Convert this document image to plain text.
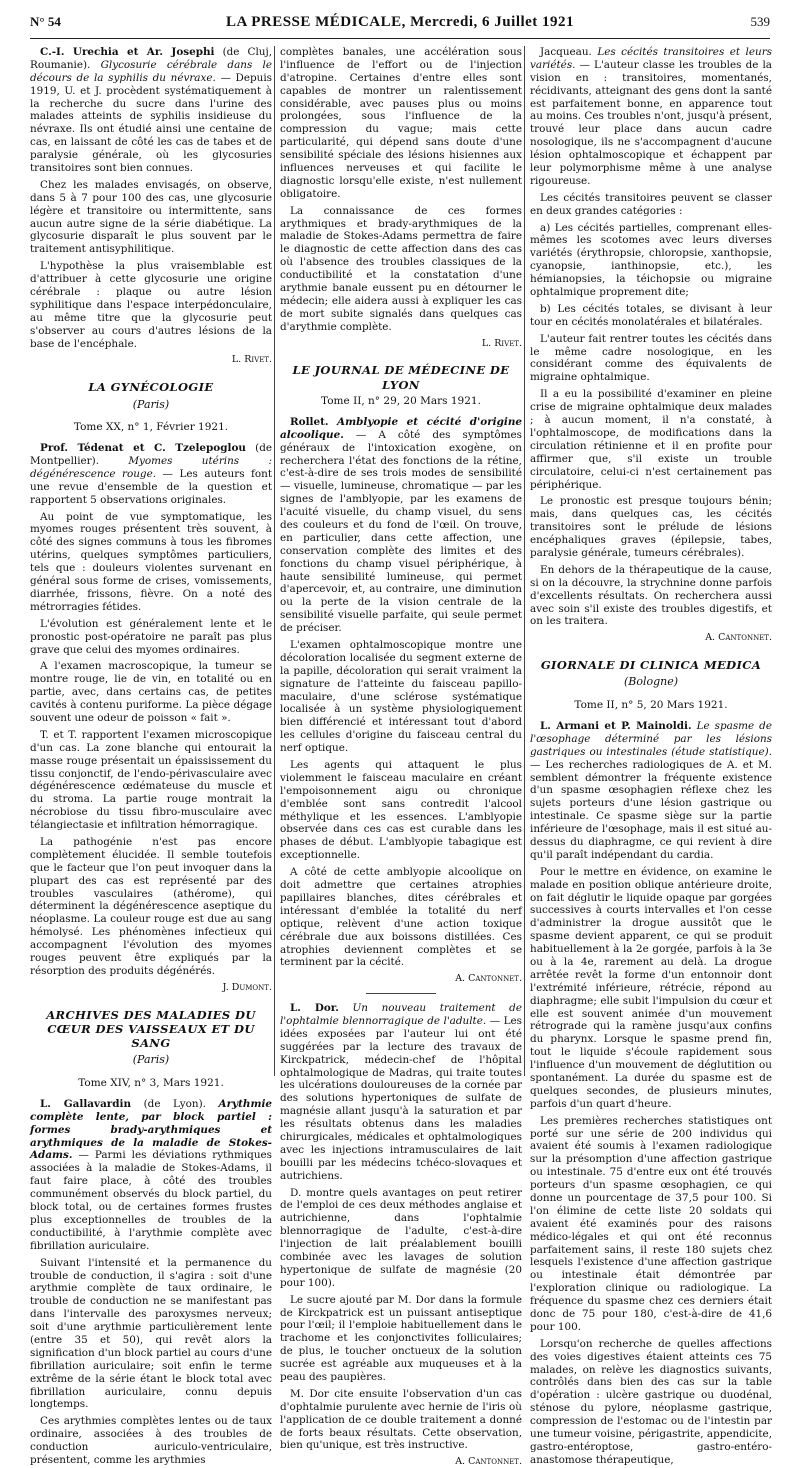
N° 54	LA PRESSE MÉDICALE, Mercredi, 6 Juillet 1921	539

C.-I. Urechia et Ar. Josephi (de Cluj, Roumanie). Glycosurie cérébrale dans le décours de la syphilis du névraxe. — Depuis 1919, U. et J. procèdent systématiquement à la recherche du sucre dans l'urine des malades atteints de syphilis insidieuse du névraxe. Ils ont étudié ainsi une centaine de cas, en laissant de côté les cas de tabes et de paralysie générale, où les glycosuries transitoires sont bien connues.

Chez les malades envisagés, on observe, dans 5 à 7 pour 100 des cas, une glycosurie légère et transitoire ou intermittente, sans aucun autre signe de la série diabétique. La glycosurie disparaît le plus souvent par le traitement antisyphilitique.

L'hypothèse la plus vraisemblable est d'attribuer à cette glycosurie une origine cérébrale : plaque ou autre lésion syphilitique dans l'espace interpédonculaire, au même titre que la glycosurie peut s'observer au cours d'autres lésions de la base de l'encéphale.

L. Rivet.
LA GYNÉCOLOGIE
(Paris)
Tome XX, n° 1, Février 1921.

Prof. Tédenat et C. Tzelepoglou (de Montpellier). Myomes utérins : dégénérescence rouge. — Les auteurs font une revue d'ensemble de la question et rapportent 5 observations originales.

Au point de vue symptomatique, les myomes rouges présentent très souvent, à côté des signes communs à tous les fibromes utérins, quelques symptômes particuliers, tels que : douleurs violentes survenant en général sous forme de crises, vomissements, diarrhée, frissons, fièvre. On a noté des métrorragies fétides.

L'évolution est généralement lente et le pronostic post-opératoire ne paraît pas plus grave que celui des myomes ordinaires.

A l'examen macroscopique, la tumeur se montre rouge, lie de vin, en totalité ou en partie, avec, dans certains cas, de petites cavités à contenu puriforme. La pièce dégage souvent une odeur de poisson « fait ».

T. et T. rapportent l'examen microscopique d'un cas. La zone blanche qui entourait la masse rouge présentait un épaississement du tissu conjonctif, de l'endo-périvasculaire avec dégénérescence œdémateuse du muscle et du stroma. La partie rouge montrait la nécrobiose du tissu fibro-musculaire avec télangiectasie et infiltration hémorragique.

La pathogénie n'est pas encore complètement élucidée. Il semble toutefois que le facteur que l'on peut invoquer dans la plupart des cas est représenté par des troubles vasculaires (athérome), qui déterminent la dégénérescence aseptique du néoplasme. La couleur rouge est due au sang hémolysé. Les phénomènes infectieux qui accompagnent l'évolution des myomes rouges peuvent être expliqués par la résorption des produits dégénérés.

J. Dumont.
ARCHIVES DES MALADIES DU CŒUR DES VAISSEAUX ET DU SANG
(Paris)
Tome XIV, n° 3, Mars 1921.

L. Gallavardin (de Lyon). Arythmie complète lente, par block partiel : formes brady-arythmiques et arythmiques de la maladie de Stokes-Adams. — Parmi les déviations rythmiques associées à la maladie de Stokes-Adams, il faut faire place, à côté des troubles communément observés du block partiel, du block total, ou de certaines formes frustes plus exceptionnelles de troubles de la conductibilité, à l'arythmie complète avec fibrillation auriculaire.

Suivant l'intensité et la permanence du trouble de conduction, il s'agira : soit d'une arythmie complète de taux ordinaire, le trouble de conduction ne se manifestant pas dans l'intervalle des paroxysmes nerveux; soit d'une arythmie particulièrement lente (entre 35 et 50), qui revêt alors la signification d'un block partiel au cours d'une fibrillation auriculaire; soit enfin le terme extrême de la série étant le block total avec fibrillation auriculaire, connu depuis longtemps.

Ces arythmies complètes lentes ou de taux ordinaire, associées à des troubles de conduction auriculo-ventriculaire, présentent, comme les arythmies

complètes banales, une accélération sous l'influence de l'effort ou de l'injection d'atropine. Certaines d'entre elles sont capables de montrer un ralentissement considérable, avec pauses plus ou moins prolongées, sous l'influence de la compression du vague; mais cette particularité, qui dépend sans doute d'une sensibilité spéciale des lésions hisiennes aux influences nerveuses et qui facilite le diagnostic lorsqu'elle existe, n'est nullement obligatoire.

La connaissance de ces formes arythmiques et brady-arythmiques de la maladie de Stokes-Adams permettra de faire le diagnostic de cette affection dans des cas où l'absence des troubles classiques de la conductibilité et la constatation d'une arythmie banale eussent pu en détourner le médecin; elle aidera aussi à expliquer les cas de mort subite signalés dans quelques cas d'arythmie complète.

L. Rivet.
LE JOURNAL DE MÉDECINE DE LYON
Tome II, n° 29, 20 Mars 1921.

Rollet. Amblyopie et cécité d'origine alcoolique. — A côté des symptômes généraux de l'intoxication exogène, on recherchera l'état des fonctions de la rétine, c'est-à-dire de ses trois modes de sensibilité — visuelle, lumineuse, chromatique — par les signes de l'amblyopie, par les examens de l'acuité visuelle, du champ visuel, du sens des couleurs et du fond de l'œil. On trouve, en particulier, dans cette affection, une conservation complète des limites et des fonctions du champ visuel périphérique, à haute sensibilité lumineuse, qui permet d'apercevoir, et, au contraire, une diminution ou la perte de la vision centrale de la sensibilité visuelle parfaite, qui seule permet de préciser.

L'examen ophtalmoscopique montre une décoloration localisée du segment externe de la papille, décoloration qui serait vraiment la signature de l'atteinte du faisceau papillo-maculaire, d'une sclérose systématique localisée à un système physiologiquement bien différencié et intéressant tout d'abord les cellules d'origine du faisceau central du nerf optique.

Les agents qui attaquent le plus violemment le faisceau maculaire en créant l'empoisonnement aigu ou chronique d'emblée sont sans contredit l'alcool méthylique et les essences. L'amblyopie observée dans ces cas est curable dans les phases de début. L'amblyopie tabagique est exceptionnelle.

A côté de cette amblyopie alcoolique on doit admettre que certaines atrophies papillaires blanches, dites cérébrales et intéressant d'emblée la totalité du nerf optique, relèvent d'une action toxique cérébrale due aux boissons distillées. Ces atrophies deviennent complètes et se terminent par la cécité.

A. Cantonnet.

L. Dor. Un nouveau traitement de l'ophtalmie blennorragique de l'adulte. — Les idées exposées par l'auteur lui ont été suggérées par la lecture des travaux de Kirckpatrick, médecin-chef de l'hôpital ophtalmologique de Madras, qui traite toutes les ulcérations douloureuses de la cornée par des solutions hypertoniques de sulfate de magnésie allant jusqu'à la saturation et par les résultats obtenus dans les maladies chirurgicales, médicales et ophtalmologiques avec les injections intramusculaires de lait bouilli par les médecins tchéco-slovaques et autrichiens.

D. montre quels avantages on peut retirer de l'emploi de ces deux méthodes anglaise et autrichienne, dans l'ophtalmie blennorragique de l'adulte, c'est-à-dire l'injection de lait préalablement bouilli combinée avec les lavages de solution hypertonique de sulfate de magnésie (20 pour 100).

Le sucre ajouté par M. Dor dans la formule de Kirckpatrick est un puissant antiseptique pour l'œil; il l'emploie habituellement dans le trachome et les conjonctivites folliculaires; de plus, le toucher onctueux de la solution sucrée est agréable aux muqueuses et à la peau des paupières.

M. Dor cite ensuite l'observation d'un cas d'ophtalmie purulente avec hernie de l'iris où l'application de ce double traitement a donné de forts beaux résultats. Cette observation, bien qu'unique, est très instructive.

A. Cantonnet.

Jacqueau. Les cécités transitoires et leurs variétés. — L'auteur classe les troubles de la vision en : transitoires, momentanés, récidivants, atteignant des gens dont la santé est parfaitement bonne, en apparence tout au moins. Ces troubles n'ont, jusqu'à présent, trouvé leur place dans aucun cadre nosologique, ils ne s'accompagnent d'aucune lésion ophtalmoscopique et échappent par leur polymorphisme même à une analyse rigoureuse.

Les cécités transitoires peuvent se classer en deux grandes catégories :

a) Les cécités partielles, comprenant elles-mêmes les scotomes avec leurs diverses variétés (érythropsie, chloropsie, xanthopsie, cyanopsie, ianthinopsie, etc.), les hémianopsies, la téichopsie ou migraine ophtalmique proprement dite;

b) Les cécités totales, se divisant à leur tour en cécités monolatérales et bilatérales.

L'auteur fait rentrer toutes les cécités dans le même cadre nosologique, en les considérant comme des équivalents de migraine ophtalmique.

Il a eu la possibilité d'examiner en pleine crise de migraine ophtalmique deux malades ; à aucun moment, il n'a constaté, à l'ophtalmoscope, de modifications dans la circulation rétinienne et il en profite pour affirmer que, s'il existe un trouble circulatoire, celui-ci n'est certainement pas périphérique.

Le pronostic est presque toujours bénin; mais, dans quelques cas, les cécités transitoires sont le prélude de lésions encéphaliques graves (épilepsie, tabes, paralysie générale, tumeurs cérébrales).

En dehors de la thérapeutique de la cause, si on la découvre, la strychnine donne parfois d'excellents résultats. On recherchera aussi avec soin s'il existe des troubles digestifs, et on les traitera.

A. Cantonnet.
GIORNALE DI CLINICA MEDICA
(Bologne)
Tome II, n° 5, 20 Mars 1921.

L. Armani et P. Mainoldi. Le spasme de l'œsophage déterminé par les lésions gastriques ou intestinales (étude statistique). — Les recherches radiologiques de A. et M. semblent démontrer la fréquente existence d'un spasme œsophagien réflexe chez les sujets porteurs d'une lésion gastrique ou intestinale. Ce spasme siège sur la partie inférieure de l'œsophage, mais il est situé au-dessus du diaphragme, ce qui revient à dire qu'il paraît indépendant du cardia.

Pour le mettre en évidence, on examine le malade en position oblique antérieure droite, on fait déglutir le liquide opaque par gorgées successives à courts intervalles et l'on cesse d'administrer la drogue aussitôt que le spasme devient apparent, ce qui se produit habituellement à la 2e gorgée, parfois à la 3e ou à la 4e, rarement au delà. La drogue arrêtée revêt la forme d'un entonnoir dont l'extrémité inférieure, rétrécie, répond au diaphragme; elle subit l'impulsion du cœur et elle est souvent animée d'un mouvement rétrograde qui la ramène jusqu'aux confins du pharynx. Lorsque le spasme prend fin, tout le liquide s'écoule rapidement sous l'influence d'un mouvement de déglutition ou spontanément. La durée du spasme est de quelques secondes, de plusieurs minutes, parfois d'un quart d'heure.

Les premières recherches statistiques ont porté sur une série de 200 individus qui avaient été soumis à l'examen radiologique sur la présomption d'une affection gastrique ou intestinale. 75 d'entre eux ont été trouvés porteurs d'un spasme œsophagien, ce qui donne un pourcentage de 37,5 pour 100. Si l'on élimine de cette liste 20 soldats qui avaient été examinés pour des raisons médico-légales et qui ont été reconnus parfaitement sains, il reste 180 sujets chez lesquels l'existence d'une affection gastrique ou intestinale était démontrée par l'exploration clinique ou radiologique. La fréquence du spasme chez ces derniers était donc de 75 pour 180, c'est-à-dire de 41,6 pour 100.

Lorsqu'on recherche de quelles affections des voies digestives étaient atteints ces 75 malades, on relève les diagnostics suivants, contrôlés dans bien des cas sur la table d'opération : ulcère gastrique ou duodénal, sténose du pylore, néoplasme gastrique, compression de l'estomac ou de l'intestin par une tumeur voisine, périgastrite, appendicite, gastro-entéroptose, gastro-entéro-anastomose thérapeutique,
